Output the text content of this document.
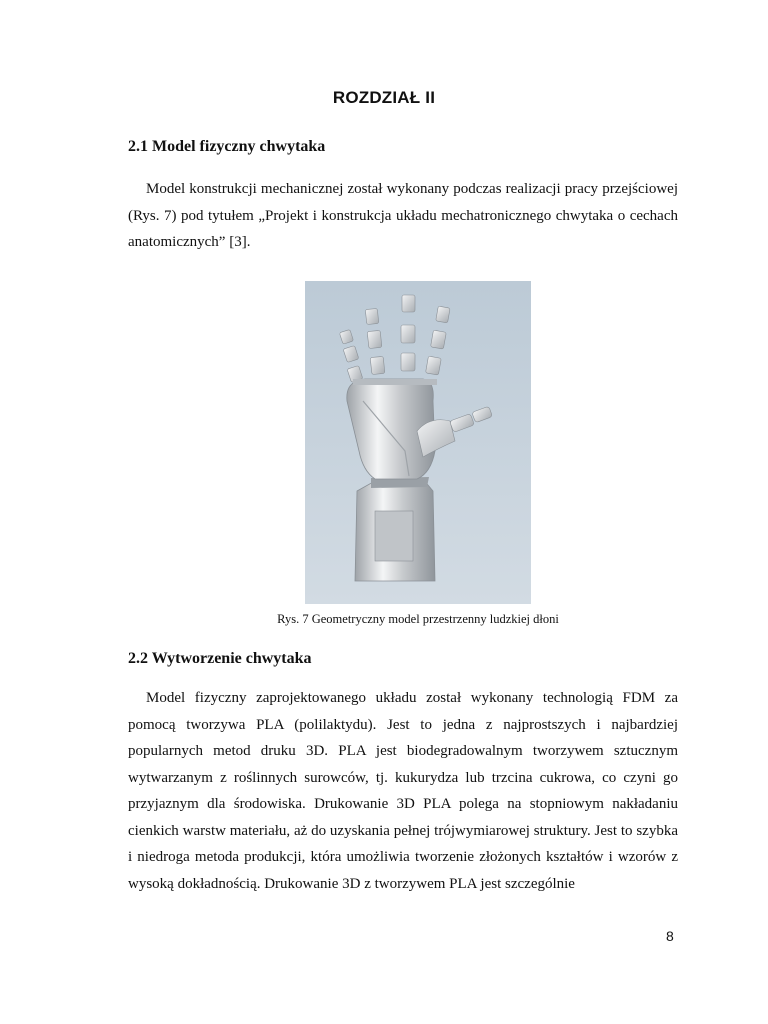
ROZDZIAŁ II
2.1 Model fizyczny chwytaka

Model konstrukcji mechanicznej został wykonany podczas realizacji pracy przejściowej (Rys. 7) pod tytułem „Projekt i konstrukcja układu mechatronicznego chwytaka o cechach anatomicznych” [3].

Rys. 7 Geometryczny model przestrzenny ludzkiej dłoni
2.2 Wytworzenie chwytaka

Model fizyczny zaprojektowanego układu został wykonany technologią FDM za pomocą tworzywa PLA (polilaktydu). Jest to jedna z najprostszych i najbardziej popularnych metod druku 3D. PLA jest biodegradowalnym tworzywem sztucznym wytwarzanym z roślinnych surowców, tj. kukurydza lub trzcina cukrowa, co czyni go przyjaznym dla środowiska. Drukowanie 3D PLA polega na stopniowym nakładaniu cienkich warstw materiału, aż do uzyskania pełnej trójwymiarowej struktury. Jest to szybka i niedroga metoda produkcji, która umożliwia tworzenie złożonych kształtów i wzorów z wysoką dokładnością. Drukowanie 3D z tworzywem PLA jest szczególnie

8
